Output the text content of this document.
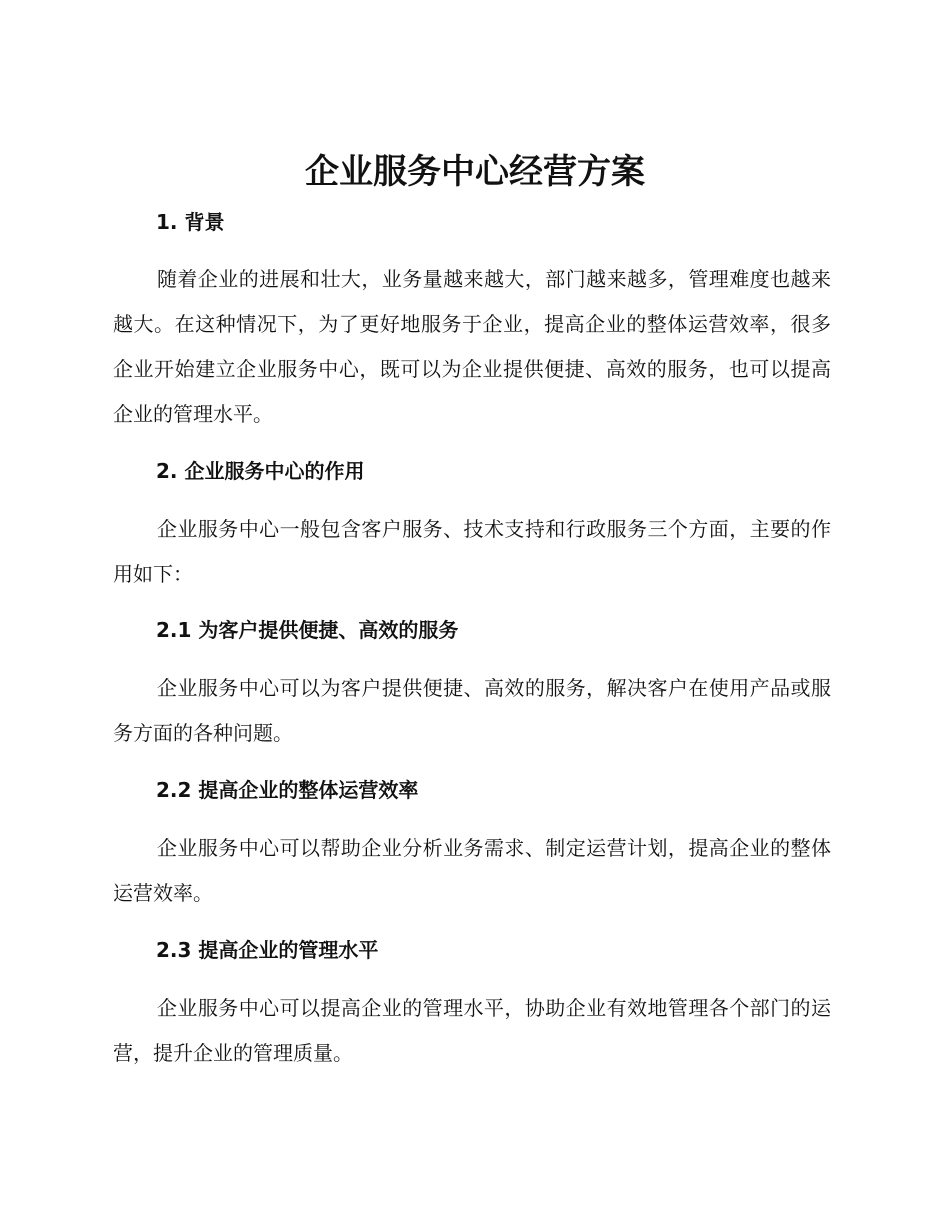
企业服务中心经营方案
1. 背景

随着企业的进展和壮大，业务量越来越大，部门越来越多，管理难度也越来越大。在这种情况下，为了更好地服务于企业，提高企业的整体运营效率，很多企业开始建立企业服务中心，既可以为企业提供便捷、高效的服务，也可以提高企业的管理水平。

2. 企业服务中心的作用

企业服务中心一般包含客户服务、技术支持和行政服务三个方面，主要的作用如下：

2.1 为客户提供便捷、高效的服务

企业服务中心可以为客户提供便捷、高效的服务，解决客户在使用产品或服务方面的各种问题。

2.2 提高企业的整体运营效率

企业服务中心可以帮助企业分析业务需求、制定运营计划，提高企业的整体运营效率。

2.3 提高企业的管理水平

企业服务中心可以提高企业的管理水平，协助企业有效地管理各个部门的运营，提升企业的管理质量。
